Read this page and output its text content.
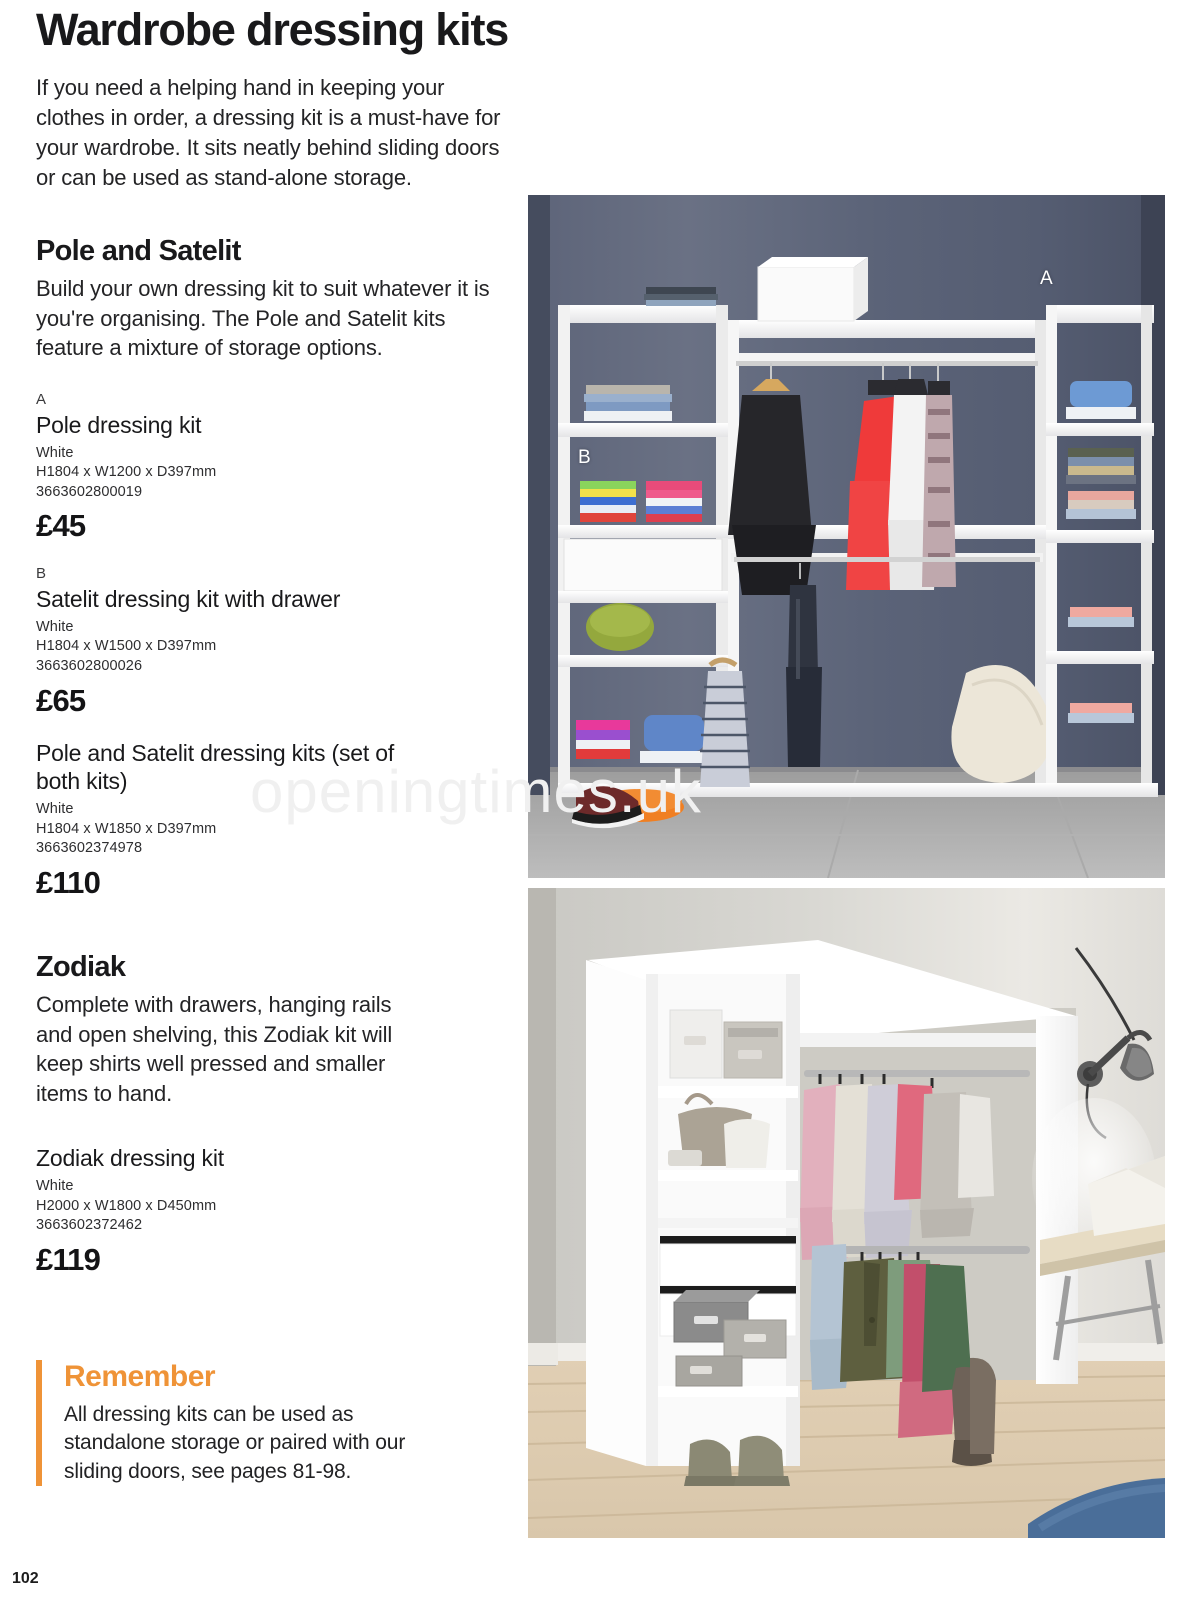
Wardrobe dressing kits

If you need a helping hand in keeping your clothes in order, a dressing kit is a must-have for your wardrobe. It sits neatly behind sliding doors or can be used as stand-alone storage.

Pole and Satelit

Build your own dressing kit to suit whatever it is you're organising. The Pole and Satelit kits feature a mixture of storage options.

A
Pole dressing kit
White
H1804 x W1200 x D397mm
3663602800019
£45
B
Satelit dressing kit with drawer
White
H1804 x W1500 x D397mm
3663602800026
£65
Pole and Satelit dressing kits (set of both kits)
White
H1804 x W1850 x D397mm
3663602374978
£110
Zodiak

Complete with drawers, hanging rails and open shelving, this Zodiak kit will keep shirts well pressed and smaller items to hand.

Zodiak dressing kit
White
H2000 x W1800 x D450mm
3663602372462
£119
Remember
All dressing kits can be used as standalone storage or paired with our sliding doors, see pages 81-98.
102
A
B
openingtimes.uk
